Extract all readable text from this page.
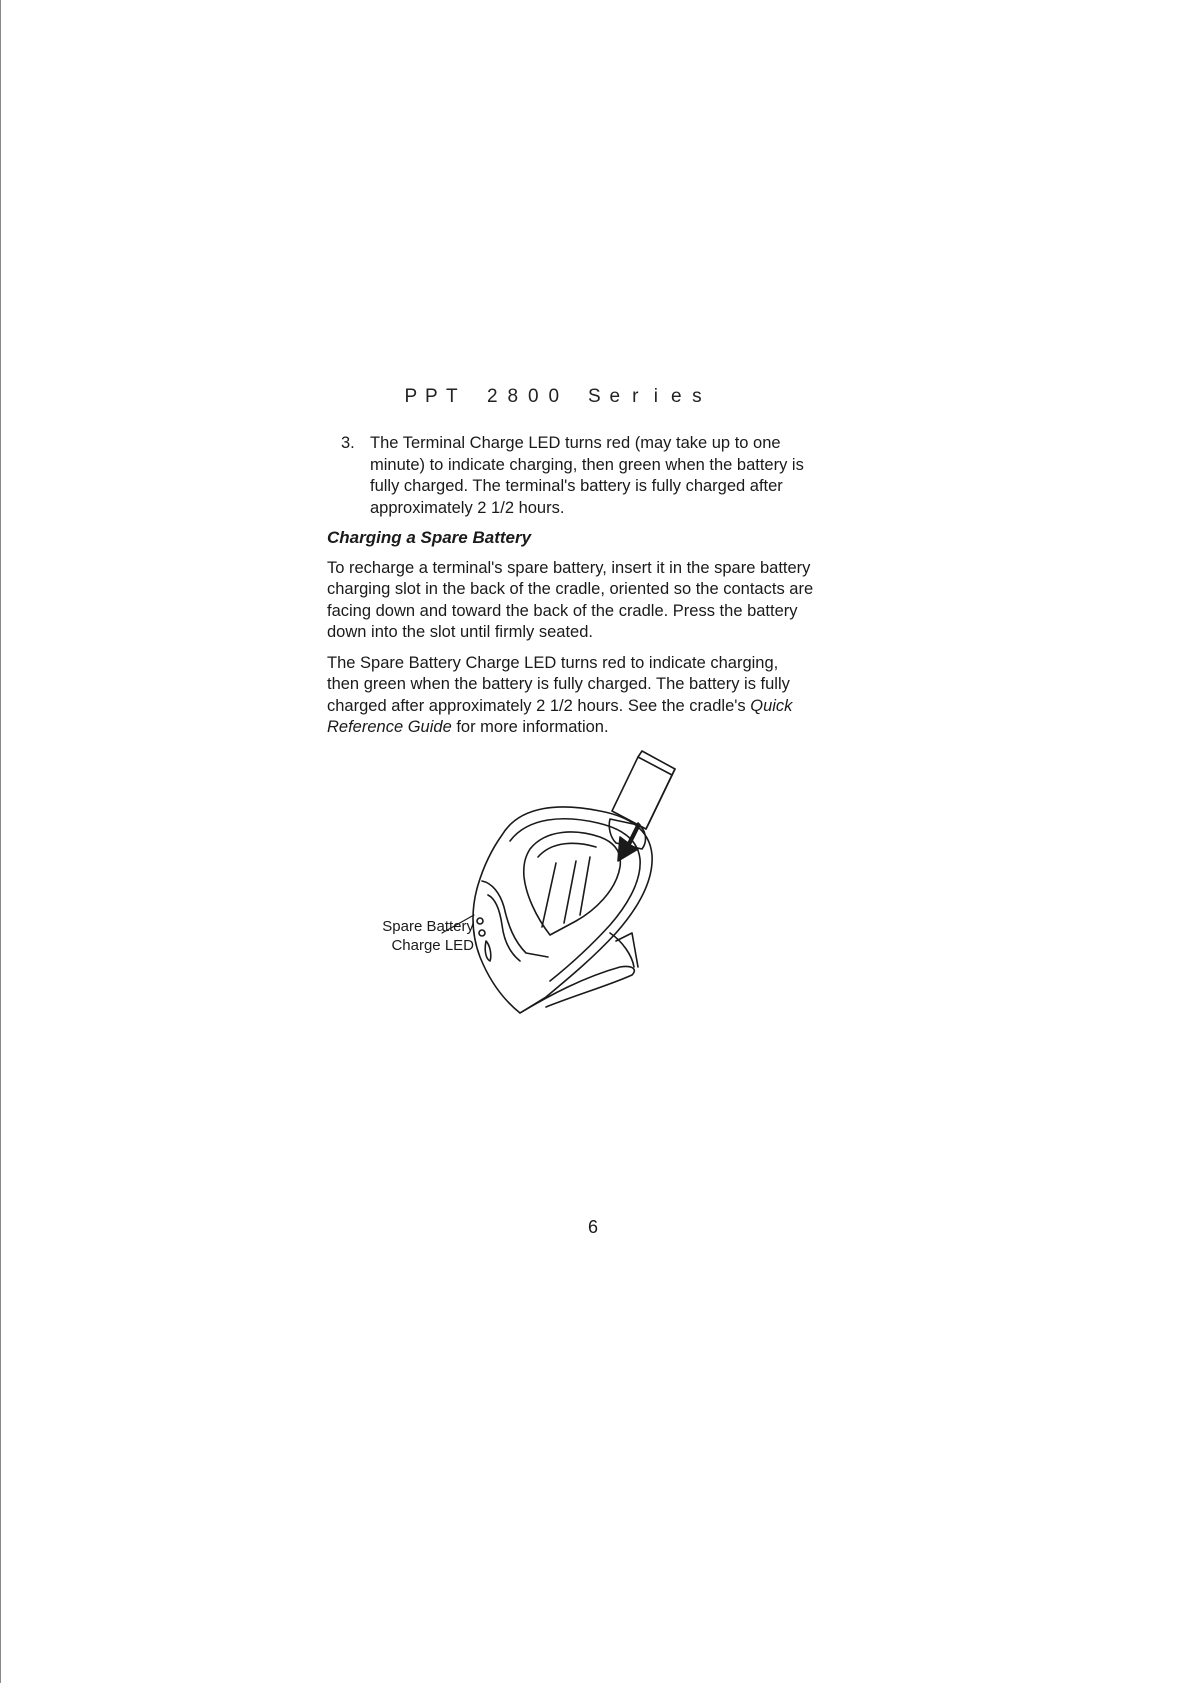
P P T 2 8 0 0 S e r i e s

3. The Terminal Charge LED turns red (may take up to one
minute) to indicate charging, then green when the battery is
fully charged. The terminal's battery is fully charged after
approximately 2 1/2 hours.
Charging a Spare Battery
To recharge a terminal's spare battery, insert it in the spare battery
charging slot in the back of the cradle, oriented so the contacts are
facing down and toward the back of the cradle. Press the battery
down into the slot until firmly seated.
The Spare Battery Charge LED turns red to indicate charging,
then green when the battery is fully charged. The battery is fully
charged after approximately 2 1/2 hours. See the cradle's Quick
Reference Guide for more information.
Spare Battery
Charge LED
6
